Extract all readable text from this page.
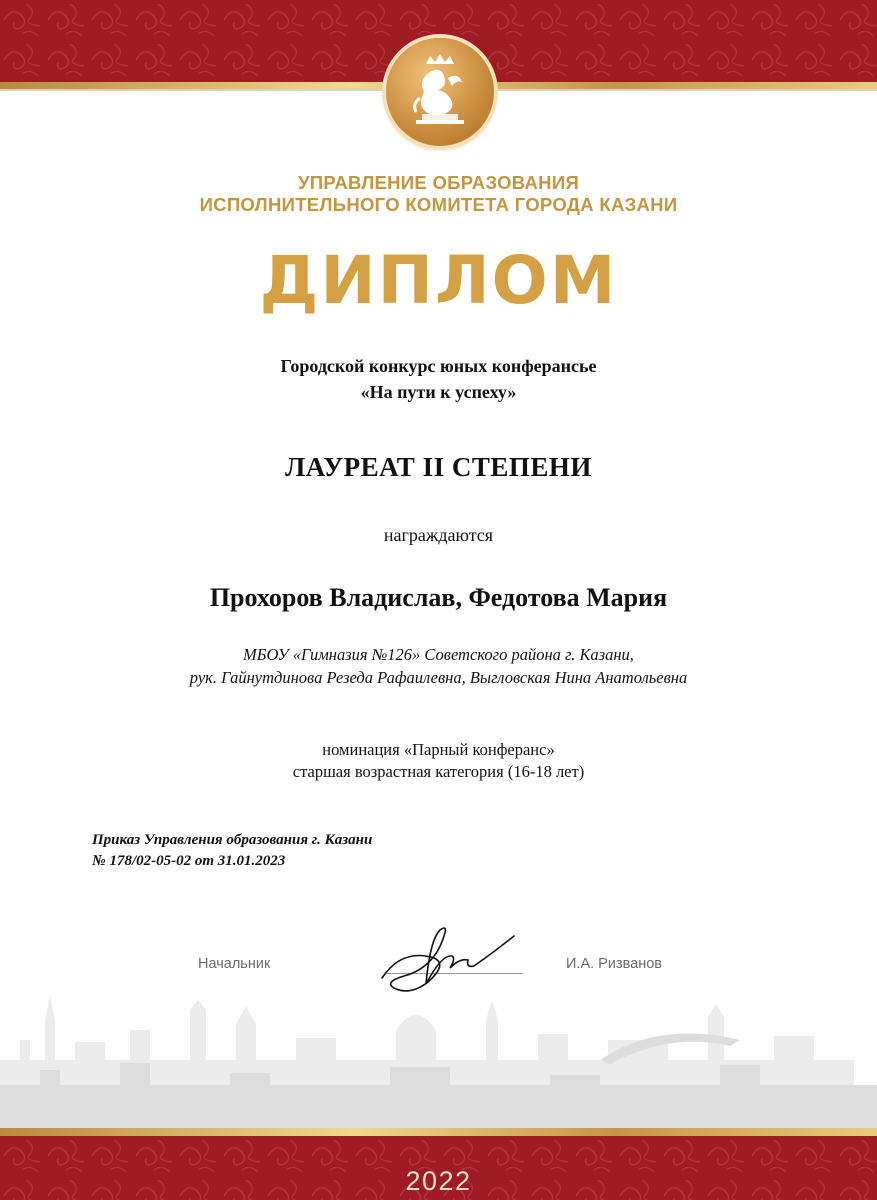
УПРАВЛЕНИЕ ОБРАЗОВАНИЯ
ИСПОЛНИТЕЛЬНОГО КОМИТЕТА ГОРОДА КАЗАНИ
ДИПЛОМ
Городской конкурс юных конферансье
«На пути к успеху»
ЛАУРЕАТ II СТЕПЕНИ
награждаются
Прохоров Владислав, Федотова Мария
МБОУ «Гимназия №126» Советского района г. Казани,
рук. Гайнутдинова Резеда Рафаилевна, Выгловская Нина Анатольевна
номинация «Парный конферанс»
старшая возрастная категория (16-18 лет)
Приказ Управления образования г. Казани
№ 178/02-05-02 от 31.01.2023
Начальник	И.А. Ризванов
2022
